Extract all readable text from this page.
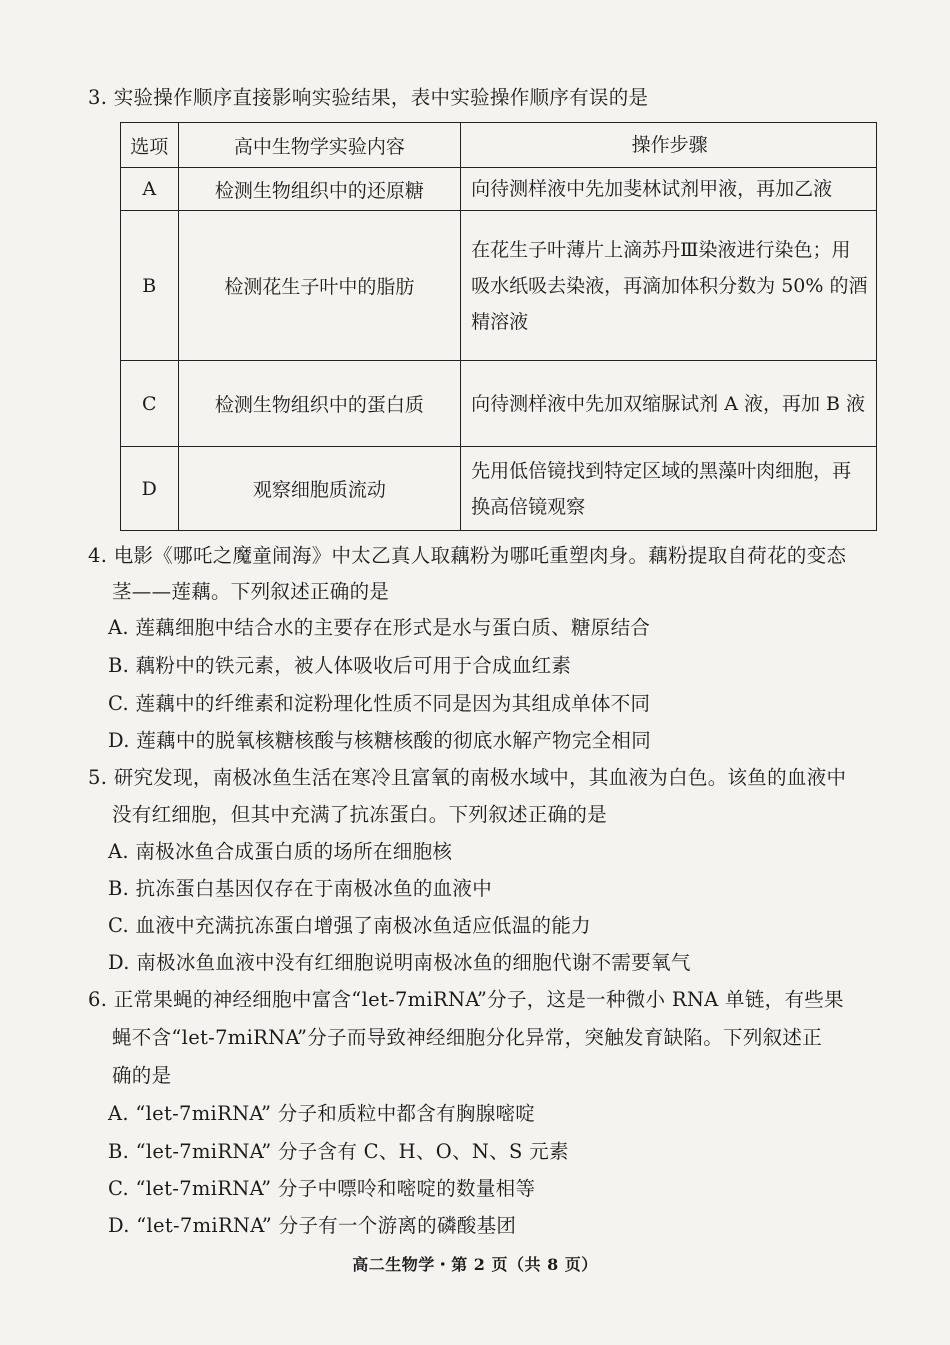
3. 实验操作顺序直接影响实验结果，表中实验操作顺序有误的是
选项	高中生物学实验内容	操作步骤
A	检测生物组织中的还原糖	向待测样液中先加斐林试剂甲液，再加乙液
B	检测花生子叶中的脂肪	在花生子叶薄片上滴苏丹Ⅲ染液进行染色；用吸水纸吸去染液，再滴加体积分数为 50% 的酒精溶液
C	检测生物组织中的蛋白质	向待测样液中先加双缩脲试剂 A 液，再加 B 液
D	观察细胞质流动	先用低倍镜找到特定区域的黑藻叶肉细胞，再换高倍镜观察
4. 电影《哪吒之魔童闹海》中太乙真人取藕粉为哪吒重塑肉身。藕粉提取自荷花的变态
茎——莲藕。下列叙述正确的是
A. 莲藕细胞中结合水的主要存在形式是水与蛋白质、糖原结合
B. 藕粉中的铁元素，被人体吸收后可用于合成血红素
C. 莲藕中的纤维素和淀粉理化性质不同是因为其组成单体不同
D. 莲藕中的脱氧核糖核酸与核糖核酸的彻底水解产物完全相同
5. 研究发现，南极冰鱼生活在寒冷且富氧的南极水域中，其血液为白色。该鱼的血液中
没有红细胞，但其中充满了抗冻蛋白。下列叙述正确的是
A. 南极冰鱼合成蛋白质的场所在细胞核
B. 抗冻蛋白基因仅存在于南极冰鱼的血液中
C. 血液中充满抗冻蛋白增强了南极冰鱼适应低温的能力
D. 南极冰鱼血液中没有红细胞说明南极冰鱼的细胞代谢不需要氧气
6. 正常果蝇的神经细胞中富含“let-7miRNA”分子，这是一种微小 RNA 单链，有些果
蝇不含“let-7miRNA”分子而导致神经细胞分化异常，突触发育缺陷。下列叙述正
确的是
A. “let-7miRNA” 分子和质粒中都含有胸腺嘧啶
B. “let-7miRNA” 分子含有 C、H、O、N、S 元素
C. “let-7miRNA” 分子中嘌呤和嘧啶的数量相等
D. “let-7miRNA” 分子有一个游离的磷酸基团
高二生物学・第 2 页（共 8 页）
